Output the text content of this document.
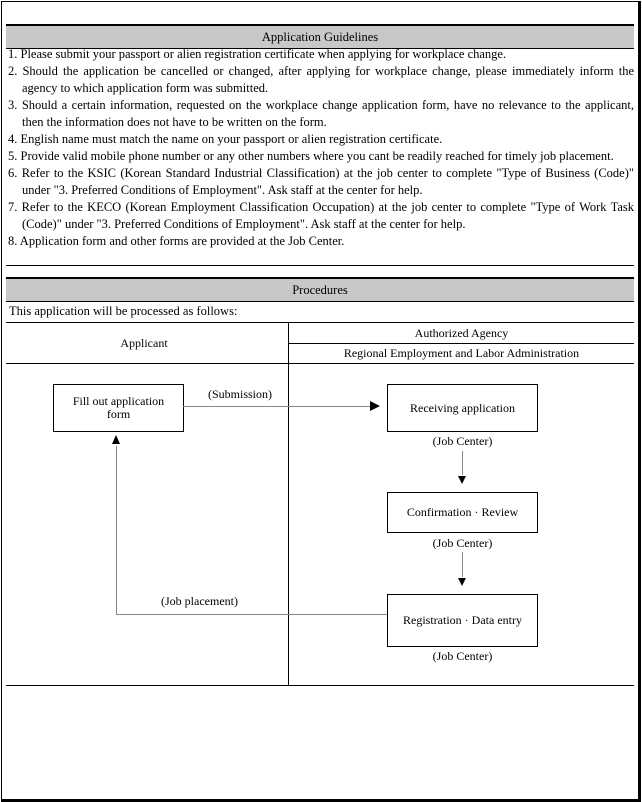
Application Guidelines
1. Please submit your passport or alien registration certificate when applying for workplace change.
2. Should the application be cancelled or changed, after applying for workplace change, please immediately inform the agency to which application form was submitted.
3. Should a certain information, requested on the workplace change application form, have no relevance to the applicant, then the information does not have to be written on the form.
4. English name must match the name on your passport or alien registration certificate.
5. Provide valid mobile phone number or any other numbers where you cant be readily reached for timely job placement.
6. Refer to the KSIC (Korean Standard Industrial Classification) at the job center to complete "Type of Business (Code)" under "3. Preferred Conditions of Employment". Ask staff at the center for help.
7. Refer to the KECO (Korean Employment Classification Occupation) at the job center to complete "Type of Work Task (Code)" under "3. Preferred Conditions of Employment". Ask staff at the center for help.
8. Application form and other forms are provided at the Job Center.
Procedures
This application will be processed as follows:
Applicant
Authorized Agency
Regional Employment and Labor Administration
Fill out application form	Receiving application
Confirmation · Review
Registration · Data entry
(Submission)
(Job Center)
(Job Center)
(Job Center)
(Job placement)
